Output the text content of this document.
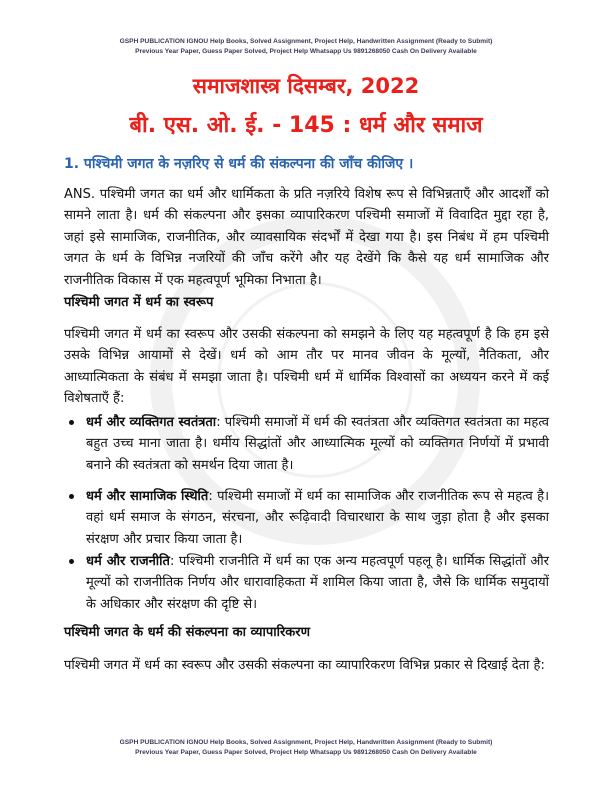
GSPH PUBLICATION IGNOU Help Books, Solved Assignment, Project Help, Handwritten Assignment (Ready to Submit)
Previous Year Paper, Guess Paper Solved, Project Help Whatsapp Us 9891268050 Cash On Delivery Available
समाजशास्त्र दिसम्बर, 2022
बी. एस. ओ. ई. - 145 : धर्म और समाज
1. पश्चिमी जगत के नज़रिए से धर्म की संकल्पना की जाँच कीजिए ।
ANS. पश्चिमी जगत का धर्म और धार्मिकता के प्रति नज़रिये विशेष रूप से विभिन्नताएँ और आदर्शों को सामने लाता है। धर्म की संकल्पना और इसका व्यापारिकरण पश्चिमी समाजों में विवादित मुद्दा रहा है, जहां इसे सामाजिक, राजनीतिक, और व्यावसायिक संदर्भों में देखा गया है। इस निबंध में हम पश्चिमी जगत के धर्म के विभिन्न नजरियों की जाँच करेंगे और यह देखेंगे कि कैसे यह धर्म सामाजिक और राजनीतिक विकास में एक महत्वपूर्ण भूमिका निभाता है।
पश्चिमी जगत में धर्म का स्वरूप
पश्चिमी जगत में धर्म का स्वरूप और उसकी संकल्पना को समझने के लिए यह महत्वपूर्ण है कि हम इसे उसके विभिन्न आयामों से देखें। धर्म को आम तौर पर मानव जीवन के मूल्यों, नैतिकता, और आध्यात्मिकता के संबंध में समझा जाता है। पश्चिमी धर्म में धार्मिक विश्वासों का अध्ययन करने में कई विशेषताएँ हैं:
धर्म और व्यक्तिगत स्वतंत्रता: पश्चिमी समाजों में धर्म की स्वतंत्रता और व्यक्तिगत स्वतंत्रता का महत्व बहुत उच्च माना जाता है। धर्मीय सिद्धांतों और आध्यात्मिक मूल्यों को व्यक्तिगत निर्णयों में प्रभावी बनाने की स्वतंत्रता को समर्थन दिया जाता है।
धर्म और सामाजिक स्थिति: पश्चिमी समाजों में धर्म का सामाजिक और राजनीतिक रूप से महत्व है। वहां धर्म समाज के संगठन, संरचना, और रूढ़िवादी विचारधारा के साथ जुड़ा होता है और इसका संरक्षण और प्रचार किया जाता है।
धर्म और राजनीति: पश्चिमी राजनीति में धर्म का एक अन्य महत्वपूर्ण पहलू है। धार्मिक सिद्धांतों और मूल्यों को राजनीतिक निर्णय और धारावाहिकता में शामिल किया जाता है, जैसे कि धार्मिक समुदायों के अधिकार और संरक्षण की दृष्टि से।
पश्चिमी जगत के धर्म की संकल्पना का व्यापारिकरण
पश्चिमी जगत में धर्म का स्वरूप और उसकी संकल्पना का व्यापारिकरण विभिन्न प्रकार से दिखाई देता है:
GSPH PUBLICATION IGNOU Help Books, Solved Assignment, Project Help, Handwritten Assignment (Ready to Submit)
Previous Year Paper, Guess Paper Solved, Project Help Whatsapp Us 9891268050 Cash On Delivery Available
